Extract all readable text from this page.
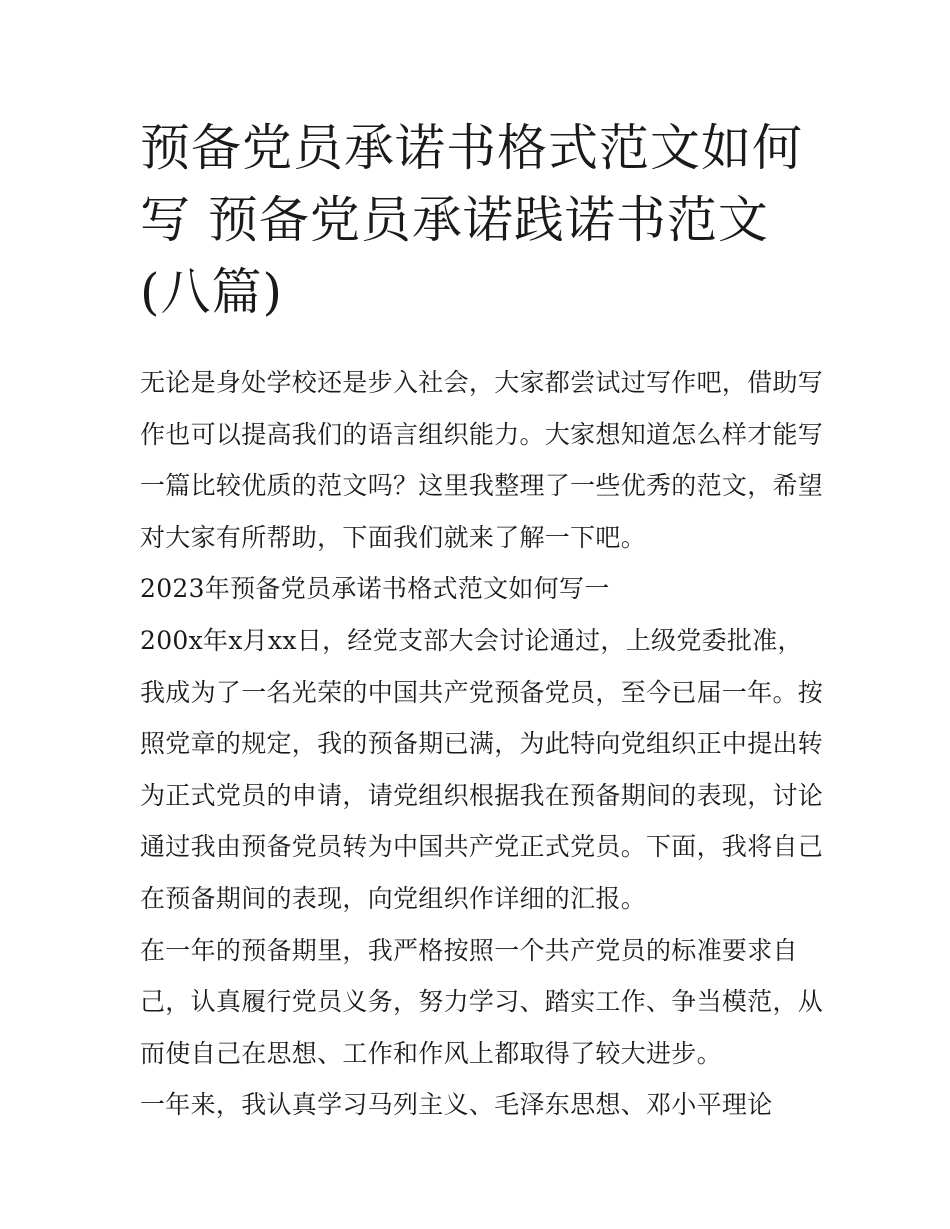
预备党员承诺书格式范文如何
写 预备党员承诺践诺书范文
(八篇)
无论是身处学校还是步入社会，大家都尝试过写作吧，借助写
作也可以提高我们的语言组织能力。大家想知道怎么样才能写
一篇比较优质的范文吗？这里我整理了一些优秀的范文，希望
对大家有所帮助，下面我们就来了解一下吧。
2023年预备党员承诺书格式范文如何写一
200x年x月xx日，经党支部大会讨论通过，上级党委批准，
我成为了一名光荣的中国共产党预备党员，至今已届一年。按
照党章的规定，我的预备期已满，为此特向党组织正中提出转
为正式党员的申请，请党组织根据我在预备期间的表现，讨论
通过我由预备党员转为中国共产党正式党员。下面，我将自己
在预备期间的表现，向党组织作详细的汇报。
在一年的预备期里，我严格按照一个共产党员的标准要求自
己，认真履行党员义务，努力学习、踏实工作、争当模范，从
而使自己在思想、工作和作风上都取得了较大进步。
一年来，我认真学习马列主义、毛泽东思想、邓小平理论
